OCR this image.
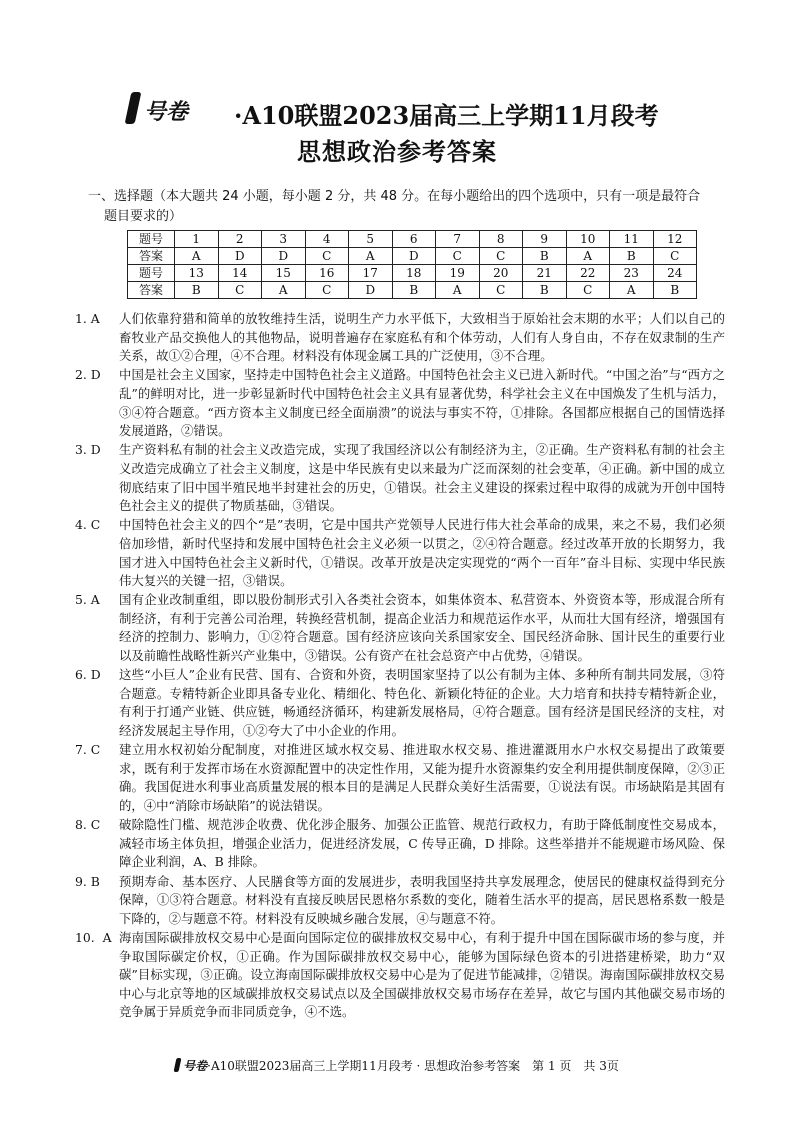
号卷 ·A10联盟2023届高三上学期11月段考
思想政治参考答案
一、选择题（本大题共 24 小题，每小题 2 分，共 48 分。在每小题给出的四个选项中，只有一项是最符合
题目要求的）
题号	1	2	3	4	5	6	7	8	9	10	11	12
答案	A	D	D	C	A	D	C	C	B	A	B	C
题号	13	14	15	16	17	18	19	20	21	22	23	24
答案	B	C	A	C	D	B	A	C	B	C	A	B
1. A	人们依靠狩猎和简单的放牧维持生活，说明生产力水平低下，大致相当于原始社会末期的水平；人们以自己的畜牧业产品交换他人的其他物品，说明普遍存在家庭私有和个体劳动，人们有人身自由，不存在奴隶制的生产关系，故①②合理，④不合理。材料没有体现金属工具的广泛使用，③不合理。
2. D	中国是社会主义国家，坚持走中国特色社会主义道路。中国特色社会主义已进入新时代。“中国之治”与“西方之乱”的鲜明对比，进一步彰显新时代中国特色社会主义具有显著优势，科学社会主义在中国焕发了生机与活力，③④符合题意。“西方资本主义制度已经全面崩溃”的说法与事实不符，①排除。各国都应根据自己的国情选择发展道路，②错误。
3. D	生产资料私有制的社会主义改造完成，实现了我国经济以公有制经济为主，②正确。生产资料私有制的社会主义改造完成确立了社会主义制度，这是中华民族有史以来最为广泛而深刻的社会变革，④正确。新中国的成立彻底结束了旧中国半殖民地半封建社会的历史，①错误。社会主义建设的探索过程中取得的成就为开创中国特色社会主义的提供了物质基础，③错误。
4. C	中国特色社会主义的四个“是”表明，它是中国共产党领导人民进行伟大社会革命的成果，来之不易，我们必须倍加珍惜，新时代坚持和发展中国特色社会主义必须一以贯之，②④符合题意。经过改革开放的长期努力，我国才进入中国特色社会主义新时代，①错误。改革开放是决定实现党的“两个一百年”奋斗目标、实现中华民族伟大复兴的关键一招，③错误。
5. A	国有企业改制重组，即以股份制形式引入各类社会资本，如集体资本、私营资本、外资资本等，形成混合所有制经济，有利于完善公司治理，转换经营机制，提高企业活力和规范运作水平，从而壮大国有经济，增强国有经济的控制力、影响力，①②符合题意。国有经济应该向关系国家安全、国民经济命脉、国计民生的重要行业以及前瞻性战略性新兴产业集中，③错误。公有资产在社会总资产中占优势，④错误。
6. D	这些“小巨人”企业有民营、国有、合资和外资，表明国家坚持了以公有制为主体、多种所有制共同发展，③符合题意。专精特新企业即具备专业化、精细化、特色化、新颖化特征的企业。大力培育和扶持专精特新企业，有利于打通产业链、供应链，畅通经济循环，构建新发展格局，④符合题意。国有经济是国民经济的支柱，对经济发展起主导作用，①②夸大了中小企业的作用。
7. C	建立用水权初始分配制度，对推进区域水权交易、推进取水权交易、推进灌溉用水户水权交易提出了政策要求，既有利于发挥市场在水资源配置中的决定性作用，又能为提升水资源集约安全利用提供制度保障，②③正确。我国促进水利事业高质量发展的根本目的是满足人民群众美好生活需要，①说法有误。市场缺陷是其固有的，④中“消除市场缺陷”的说法错误。
8. C	破除隐性门槛、规范涉企收费、优化涉企服务、加强公正监管、规范行政权力，有助于降低制度性交易成本，减轻市场主体负担，增强企业活力，促进经济发展，C 传导正确，D 排除。这些举措并不能规避市场风险、保障企业利润，A、B 排除。
9. B	预期寿命、基本医疗、人民膳食等方面的发展进步，表明我国坚持共享发展理念，使居民的健康权益得到充分保障，①③符合题意。材料没有直接反映居民恩格尔系数的变化，随着生活水平的提高，居民恩格系数一般是下降的，②与题意不符。材料没有反映城乡融合发展，④与题意不符。
10.  A 海南国际碳排放权交易中心是面向国际定位的碳排放权交易中心，有利于提升中国在国际碳市场的参与度，并争取国际碳定价权，①正确。作为国际碳排放权交易中心，能够为国际绿色资本的引进搭建桥梁，助力“双碳”目标实现，③正确。设立海南国际碳排放权交易中心是为了促进节能减排，②错误。海南国际碳排放权交易中心与北京等地的区域碳排放权交易试点以及全国碳排放权交易市场存在差异，故它与国内其他碳交易市场的竞争属于异质竞争而非同质竞争，④不选。
号卷·A10联盟2023届高三上学期11月段考 · 思想政治参考答案　第 1 页　共 3页
